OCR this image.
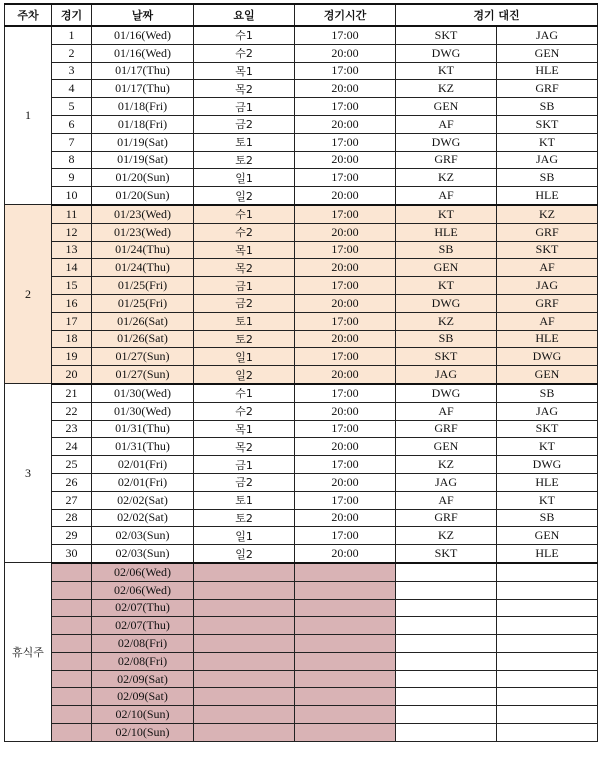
주차	경기	날짜	요일	경기시간	경기 대진	
1	1	01/16(Wed)	수1	17:00	SKT	JAG
	2	01/16(Wed)	수2	20:00	DWG	GEN
	3	01/17(Thu)	목1	17:00	KT	HLE
	4	01/17(Thu)	목2	20:00	KZ	GRF
	5	01/18(Fri)	금1	17:00	GEN	SB
	6	01/18(Fri)	금2	20:00	AF	SKT
	7	01/19(Sat)	토1	17:00	DWG	KT
	8	01/19(Sat)	토2	20:00	GRF	JAG
	9	01/20(Sun)	일1	17:00	KZ	SB
	10	01/20(Sun)	일2	20:00	AF	HLE
2	11	01/23(Wed)	수1	17:00	KT	KZ
	12	01/23(Wed)	수2	20:00	HLE	GRF
	13	01/24(Thu)	목1	17:00	SB	SKT
	14	01/24(Thu)	목2	20:00	GEN	AF
	15	01/25(Fri)	금1	17:00	KT	JAG
	16	01/25(Fri)	금2	20:00	DWG	GRF
	17	01/26(Sat)	토1	17:00	KZ	AF
	18	01/26(Sat)	토2	20:00	SB	HLE
	19	01/27(Sun)	일1	17:00	SKT	DWG
	20	01/27(Sun)	일2	20:00	JAG	GEN
3	21	01/30(Wed)	수1	17:00	DWG	SB
	22	01/30(Wed)	수2	20:00	AF	JAG
	23	01/31(Thu)	목1	17:00	GRF	SKT
	24	01/31(Thu)	목2	20:00	GEN	KT
	25	02/01(Fri)	금1	17:00	KZ	DWG
	26	02/01(Fri)	금2	20:00	JAG	HLE
	27	02/02(Sat)	토1	17:00	AF	KT
	28	02/02(Sat)	토2	20:00	GRF	SB
	29	02/03(Sun)	일1	17:00	KZ	GEN
	30	02/03(Sun)	일2	20:00	SKT	HLE
휴식주		02/06(Wed)				
		02/06(Wed)				
		02/07(Thu)				
		02/07(Thu)				
		02/08(Fri)				
		02/08(Fri)				
		02/09(Sat)				
		02/09(Sat)				
		02/10(Sun)				
		02/10(Sun)				
